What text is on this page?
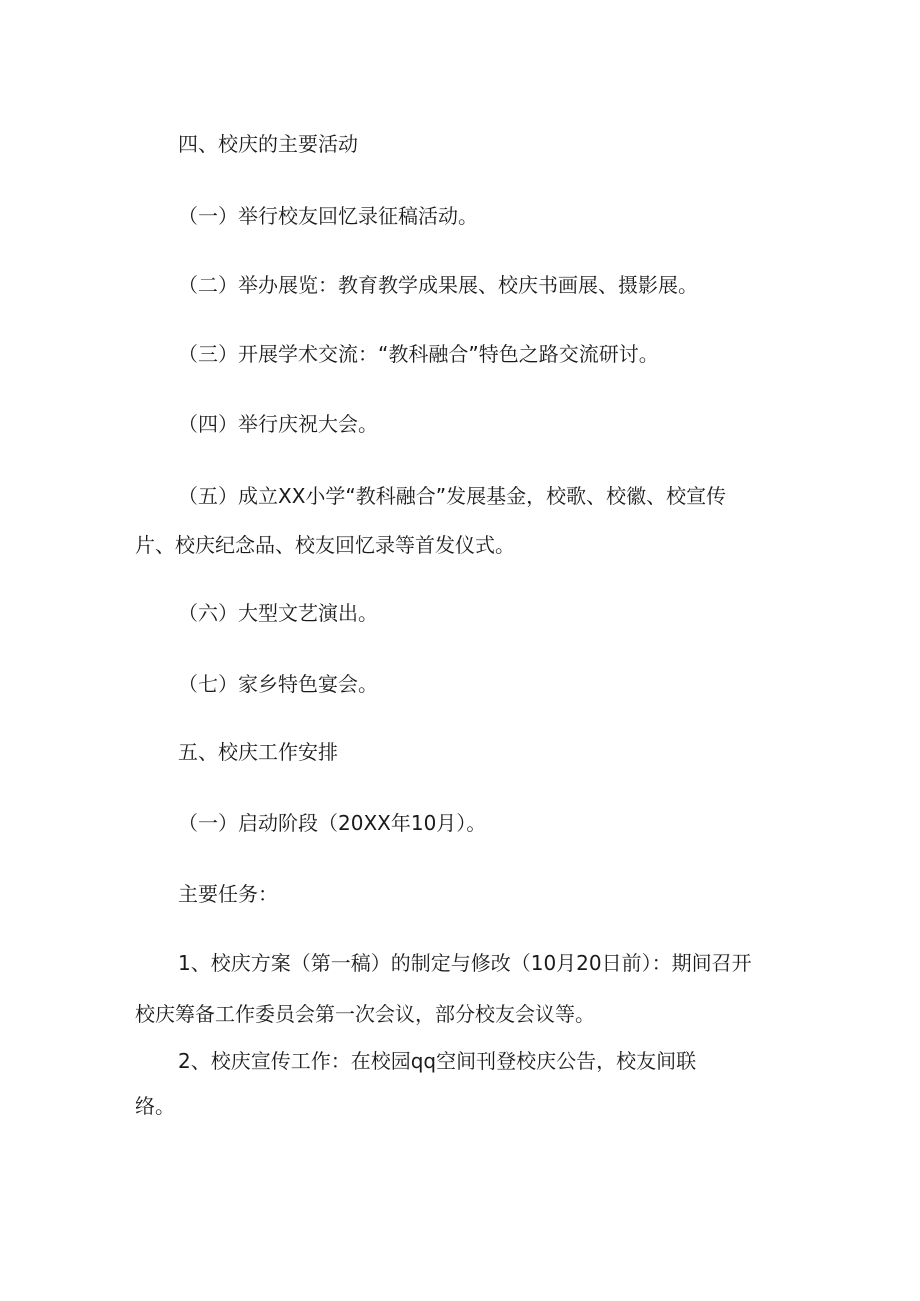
四、校庆的主要活动

（一）举行校友回忆录征稿活动。

（二）举办展览：教育教学成果展、校庆书画展、摄影展。

（三）开展学术交流：“教科融合”特色之路交流研讨。

（四）举行庆祝大会。

（五）成立XX小学“教科融合”发展基金，校歌、校徽、校宣传

片、校庆纪念品、校友回忆录等首发仪式。

（六）大型文艺演出。

（七）家乡特色宴会。

五、校庆工作安排

（一）启动阶段（20XX年10月）。

主要任务：

1、校庆方案（第一稿）的制定与修改（10月20日前）：期间召开

校庆筹备工作委员会第一次会议，部分校友会议等。

2、校庆宣传工作：在校园qq空间刊登校庆公告，校友间联

络。
